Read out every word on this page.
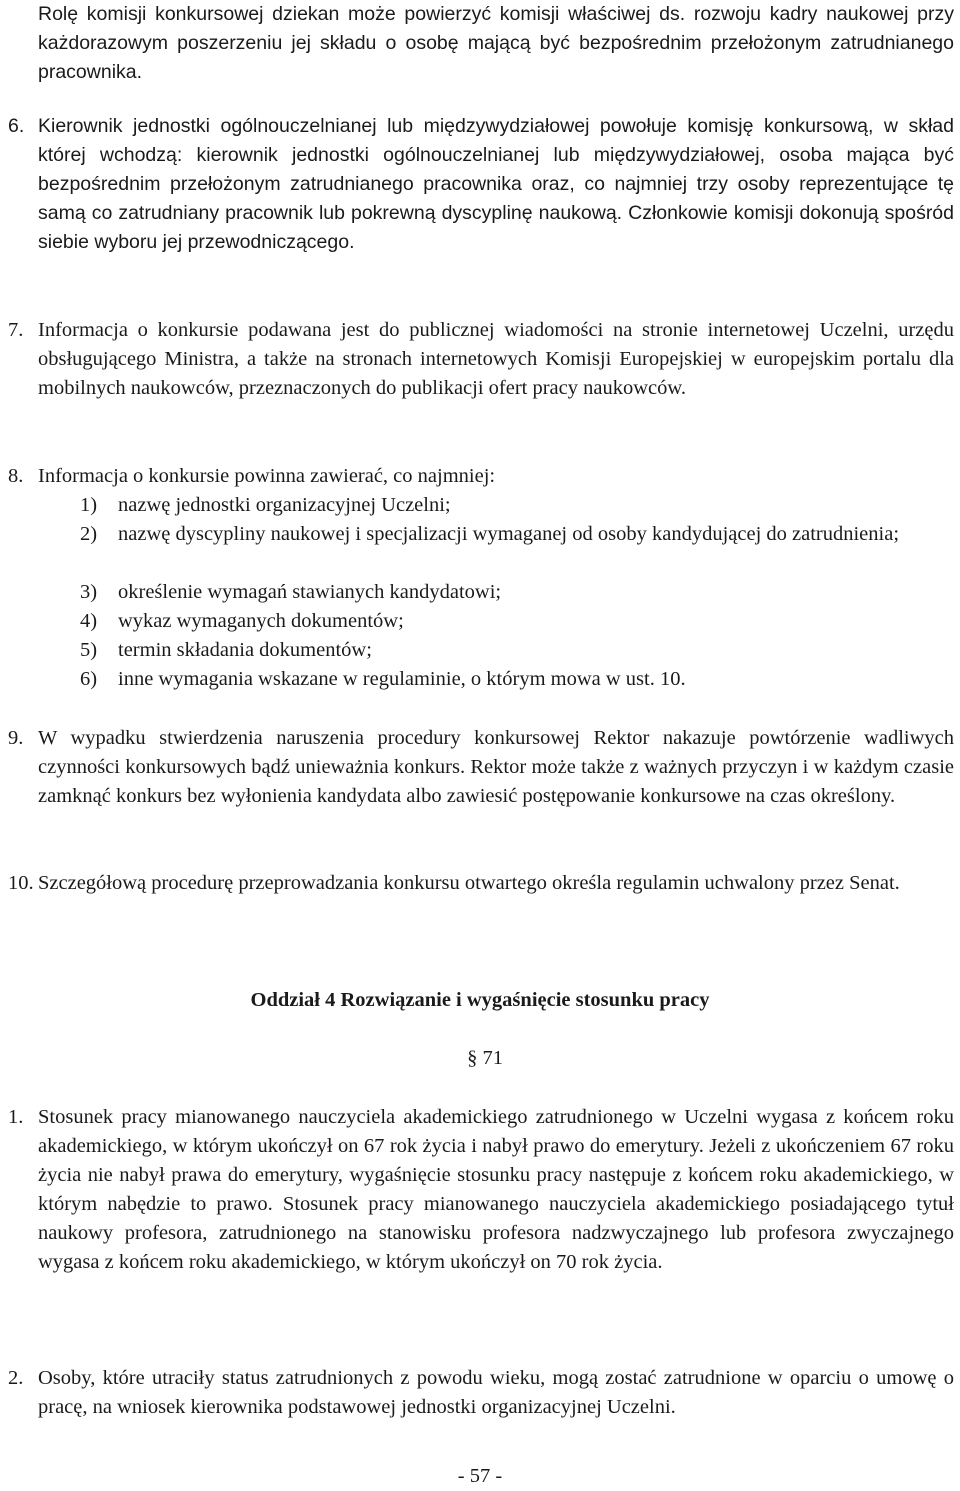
Rolę komisji konkursowej dziekan może powierzyć komisji właściwej ds. rozwoju kadry naukowej przy każdorazowym poszerzeniu jej składu o osobę mającą być bezpośrednim przełożonym zatrudnianego pracownika.
6. Kierownik jednostki ogólnouczelnianej lub międzywydziałowej powołuje komisję konkursową, w skład której wchodzą: kierownik jednostki ogólnouczelnianej lub międzywydziałowej, osoba mająca być bezpośrednim przełożonym zatrudnianego pracownika oraz, co najmniej trzy osoby reprezentujące tę samą co zatrudniany pracownik lub pokrewną dyscyplinę naukową. Członkowie komisji dokonują spośród siebie wyboru jej przewodniczącego.
7. Informacja o konkursie podawana jest do publicznej wiadomości na stronie internetowej Uczelni, urzędu obsługującego Ministra, a także na stronach internetowych Komisji Europejskiej w europejskim portalu dla mobilnych naukowców, przeznaczonych do publikacji ofert pracy naukowców.
8. Informacja o konkursie powinna zawierać, co najmniej:
1) nazwę jednostki organizacyjnej Uczelni;
2) nazwę dyscypliny naukowej i specjalizacji wymaganej od osoby kandydującej do zatrudnienia;
3) określenie wymagań stawianych kandydatowi;
4) wykaz wymaganych dokumentów;
5) termin składania dokumentów;
6) inne wymagania wskazane w regulaminie, o którym mowa w ust. 10.
9. W wypadku stwierdzenia naruszenia procedury konkursowej Rektor nakazuje powtórzenie wadliwych czynności konkursowych bądź unieważnia konkurs. Rektor może także z ważnych przyczyn i w każdym czasie zamknąć konkurs bez wyłonienia kandydata albo zawiesić postępowanie konkursowe na czas określony.
10. Szczegółową procedurę przeprowadzania konkursu otwartego określa regulamin uchwalony przez Senat.
Oddział 4 Rozwiązanie i wygaśnięcie stosunku pracy
§ 71
1. Stosunek pracy mianowanego nauczyciela akademickiego zatrudnionego w Uczelni wygasa z końcem roku akademickiego, w którym ukończył on 67 rok życia i nabył prawo do emerytury. Jeżeli z ukończeniem 67 roku życia nie nabył prawa do emerytury, wygaśnięcie stosunku pracy następuje z końcem roku akademickiego, w którym nabędzie to prawo. Stosunek pracy mianowanego nauczyciela akademickiego posiadającego tytuł naukowy profesora, zatrudnionego na stanowisku profesora nadzwyczajnego lub profesora zwyczajnego wygasa z końcem roku akademickiego, w którym ukończył on 70 rok życia.
2. Osoby, które utraciły status zatrudnionych z powodu wieku, mogą zostać zatrudnione w oparciu o umowę o pracę, na wniosek kierownika podstawowej jednostki organizacyjnej Uczelni.
- 57 -
